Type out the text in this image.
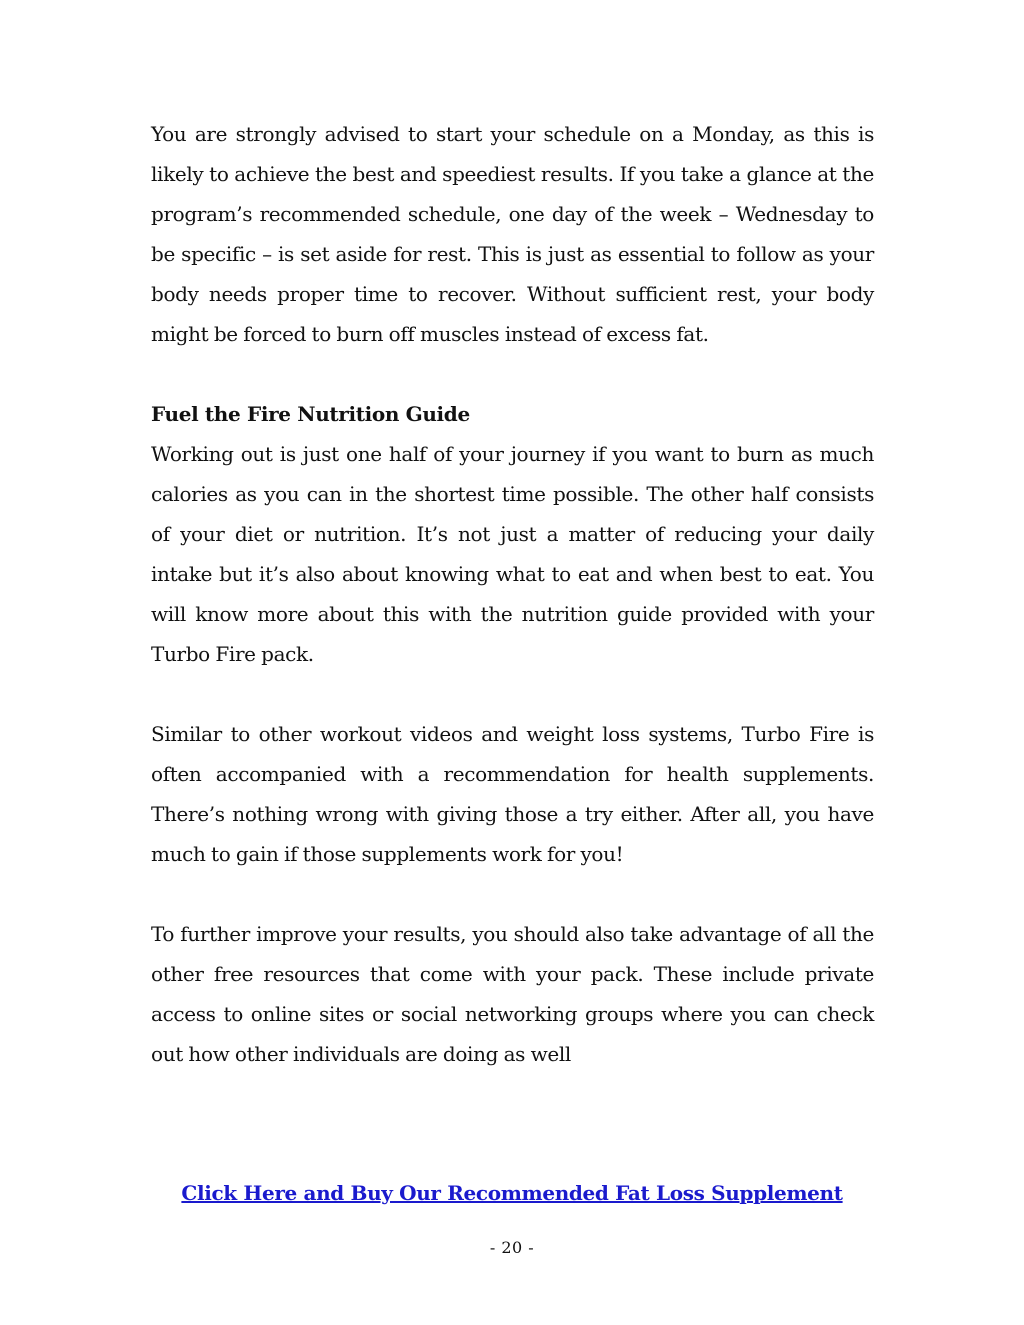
You are strongly advised to start your schedule on a Monday, as this is likely to achieve the best and speediest results. If you take a glance at the program’s recommended schedule, one day of the week – Wednesday to be specific – is set aside for rest. This is just as essential to follow as your body needs proper time to recover. Without sufficient rest, your body might be forced to burn off muscles instead of excess fat.

Fuel the Fire Nutrition Guide

Working out is just one half of your journey if you want to burn as much calories as you can in the shortest time possible. The other half consists of your diet or nutrition. It’s not just a matter of reducing your daily intake but it’s also about knowing what to eat and when best to eat. You will know more about this with the nutrition guide provided with your Turbo Fire pack.

Similar to other workout videos and weight loss systems, Turbo Fire is often accompanied with a recommendation for health supplements. There’s nothing wrong with giving those a try either. After all, you have much to gain if those supplements work for you!

To further improve your results, you should also take advantage of all the other free resources that come with your pack. These include private access to online sites or social networking groups where you can check out how other individuals are doing as well

Click Here and Buy Our Recommended Fat Loss Supplement
- 20 -
